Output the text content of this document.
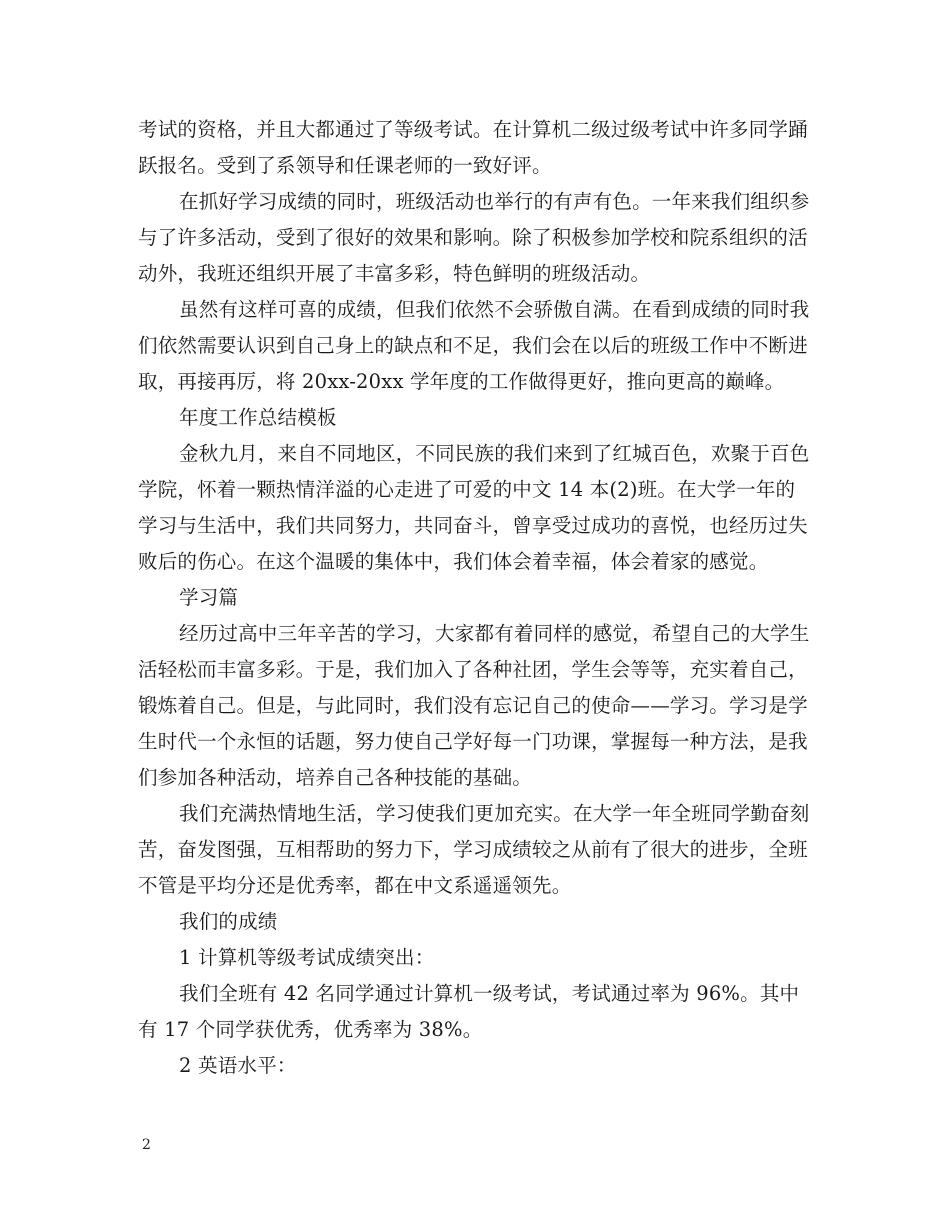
考试的资格，并且大都通过了等级考试。在计算机二级过级考试中许多同学踊跃报名。受到了系领导和任课老师的一致好评。

在抓好学习成绩的同时，班级活动也举行的有声有色。一年来我们组织参与了许多活动，受到了很好的效果和影响。除了积极参加学校和院系组织的活动外，我班还组织开展了丰富多彩，特色鲜明的班级活动。

虽然有这样可喜的成绩，但我们依然不会骄傲自满。在看到成绩的同时我们依然需要认识到自己身上的缺点和不足，我们会在以后的班级工作中不断进取，再接再厉，将 20xx-20xx 学年度的工作做得更好，推向更高的巅峰。

年度工作总结模板

金秋九月，来自不同地区，不同民族的我们来到了红城百色，欢聚于百色学院，怀着一颗热情洋溢的心走进了可爱的中文 14 本(2)班。在大学一年的学习与生活中，我们共同努力，共同奋斗，曾享受过成功的喜悦，也经历过失败后的伤心。在这个温暖的集体中，我们体会着幸福，体会着家的感觉。

学习篇

经历过高中三年辛苦的学习，大家都有着同样的感觉，希望自己的大学生活轻松而丰富多彩。于是，我们加入了各种社团，学生会等等，充实着自己，锻炼着自己。但是，与此同时，我们没有忘记自己的使命——学习。学习是学生时代一个永恒的话题，努力使自己学好每一门功课，掌握每一种方法，是我们参加各种活动，培养自己各种技能的基础。

我们充满热情地生活，学习使我们更加充实。在大学一年全班同学勤奋刻苦，奋发图强，互相帮助的努力下，学习成绩较之从前有了很大的进步，全班不管是平均分还是优秀率，都在中文系遥遥领先。

我们的成绩

1 计算机等级考试成绩突出：

我们全班有 42 名同学通过计算机一级考试，考试通过率为 96%。其中有 17 个同学获优秀，优秀率为 38%。

2 英语水平：

2
